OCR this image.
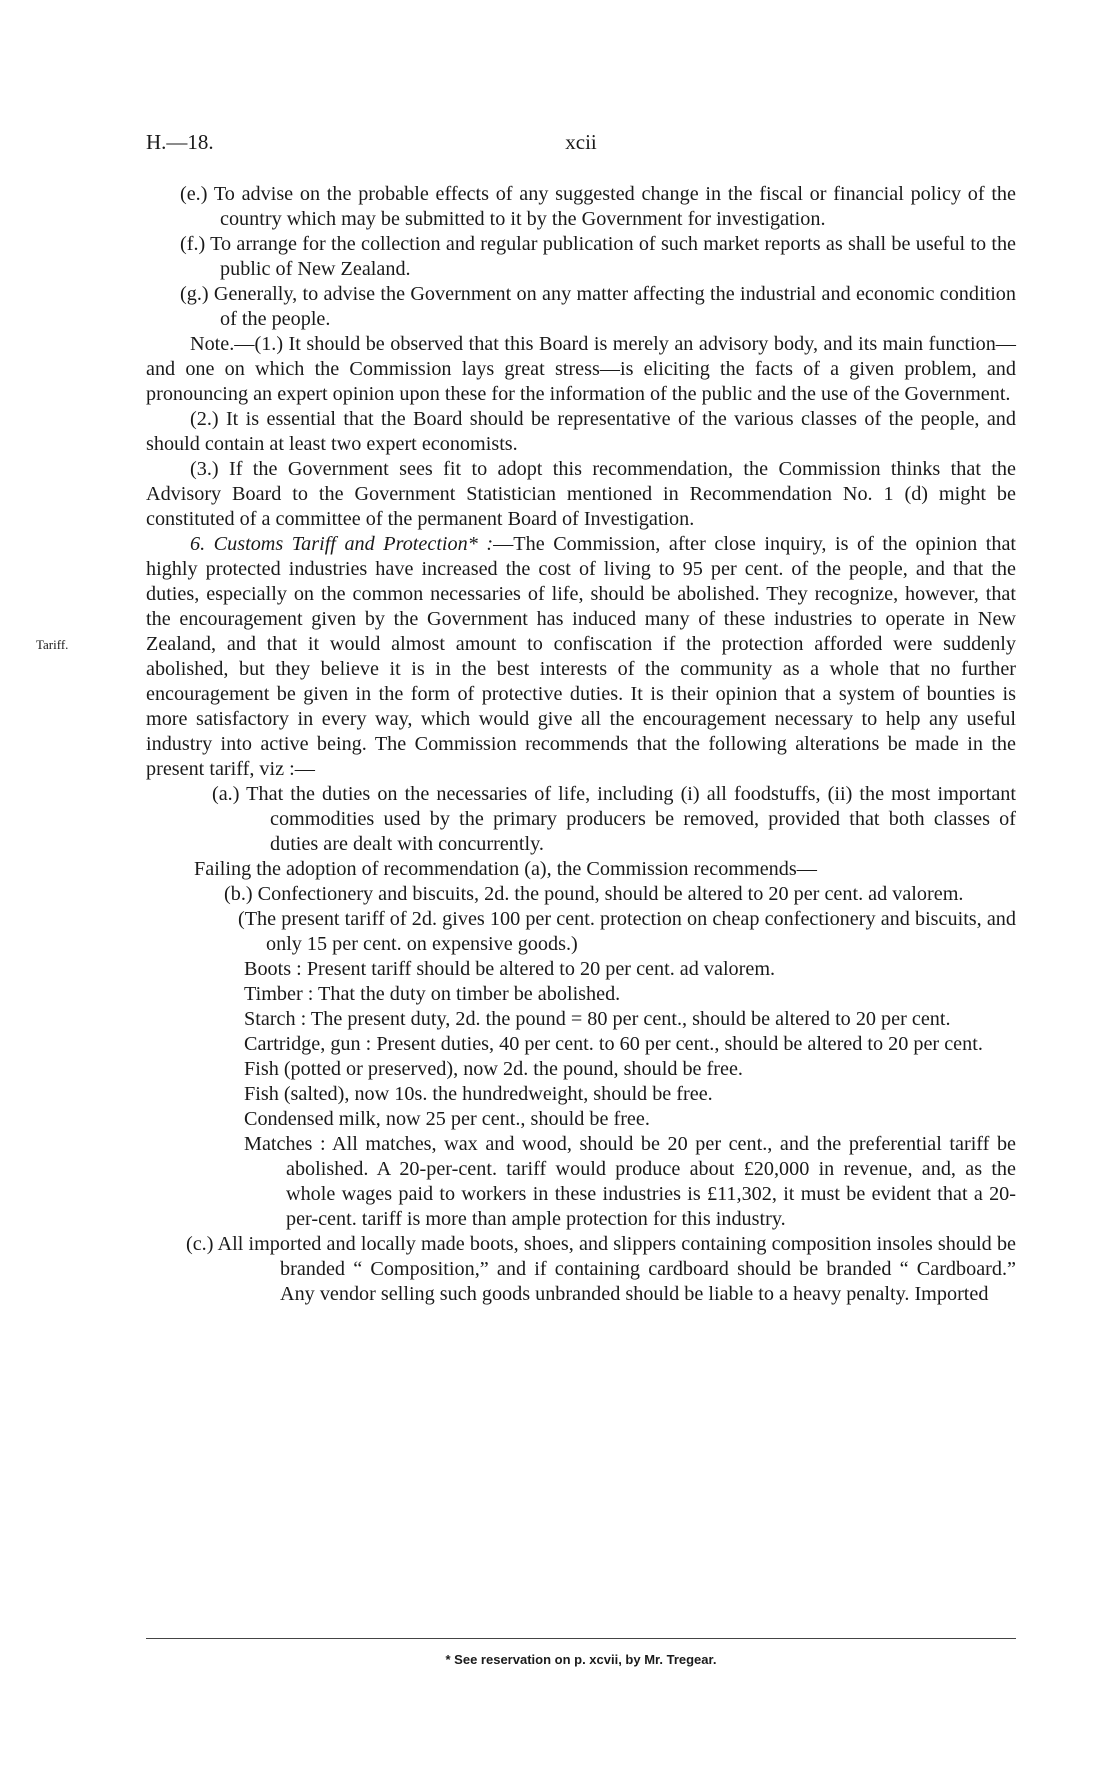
H.—18.	xcii
Tariff.

(e.) To advise on the probable effects of any suggested change in the fiscal or financial policy of the country which may be submitted to it by the Government for investigation.

(f.) To arrange for the collection and regular publication of such market reports as shall be useful to the public of New Zealand.

(g.) Generally, to advise the Government on any matter affecting the industrial and economic condition of the people.

Note.—(1.) It should be observed that this Board is merely an advisory body, and its main function—and one on which the Commission lays great stress—is eliciting the facts of a given problem, and pronouncing an expert opinion upon these for the information of the public and the use of the Government.

(2.) It is essential that the Board should be representative of the various classes of the people, and should contain at least two expert economists.

(3.) If the Government sees fit to adopt this recommendation, the Commission thinks that the Advisory Board to the Government Statistician mentioned in Recommendation No. 1 (d) might be constituted of a committee of the permanent Board of Investigation.

6. Customs Tariff and Protection* :—The Commission, after close inquiry, is of the opinion that highly protected industries have increased the cost of living to 95 per cent. of the people, and that the duties, especially on the common necessaries of life, should be abolished. They recognize, however, that the encouragement given by the Government has induced many of these industries to operate in New Zealand, and that it would almost amount to confiscation if the protection afforded were suddenly abolished, but they believe it is in the best interests of the community as a whole that no further encouragement be given in the form of protective duties. It is their opinion that a system of bounties is more satisfactory in every way, which would give all the encouragement necessary to help any useful industry into active being. The Commission recommends that the following alterations be made in the present tariff, viz :—

(a.) That the duties on the necessaries of life, including (i) all foodstuffs, (ii) the most important commodities used by the primary producers be removed, provided that both classes of duties are dealt with concurrently.

Failing the adoption of recommendation (a), the Commission recommends—

(b.) Confectionery and biscuits, 2d. the pound, should be altered to 20 per cent. ad valorem.

(The present tariff of 2d. gives 100 per cent. protection on cheap confectionery and biscuits, and only 15 per cent. on expensive goods.)

Boots : Present tariff should be altered to 20 per cent. ad valorem.

Timber : That the duty on timber be abolished.

Starch : The present duty, 2d. the pound = 80 per cent., should be altered to 20 per cent.

Cartridge, gun : Present duties, 40 per cent. to 60 per cent., should be altered to 20 per cent.

Fish (potted or preserved), now 2d. the pound, should be free.

Fish (salted), now 10s. the hundredweight, should be free.

Condensed milk, now 25 per cent., should be free.

Matches : All matches, wax and wood, should be 20 per cent., and the preferential tariff be abolished. A 20-per-cent. tariff would produce about £20,000 in revenue, and, as the whole wages paid to workers in these industries is £11,302, it must be evident that a 20-per-cent. tariff is more than ample protection for this industry.

(c.) All imported and locally made boots, shoes, and slippers containing composition insoles should be branded “ Composition,” and if containing cardboard should be branded “ Cardboard.” Any vendor selling such goods unbranded should be liable to a heavy penalty. Imported

* See reservation on p. xcvii, by Mr. Tregear.
